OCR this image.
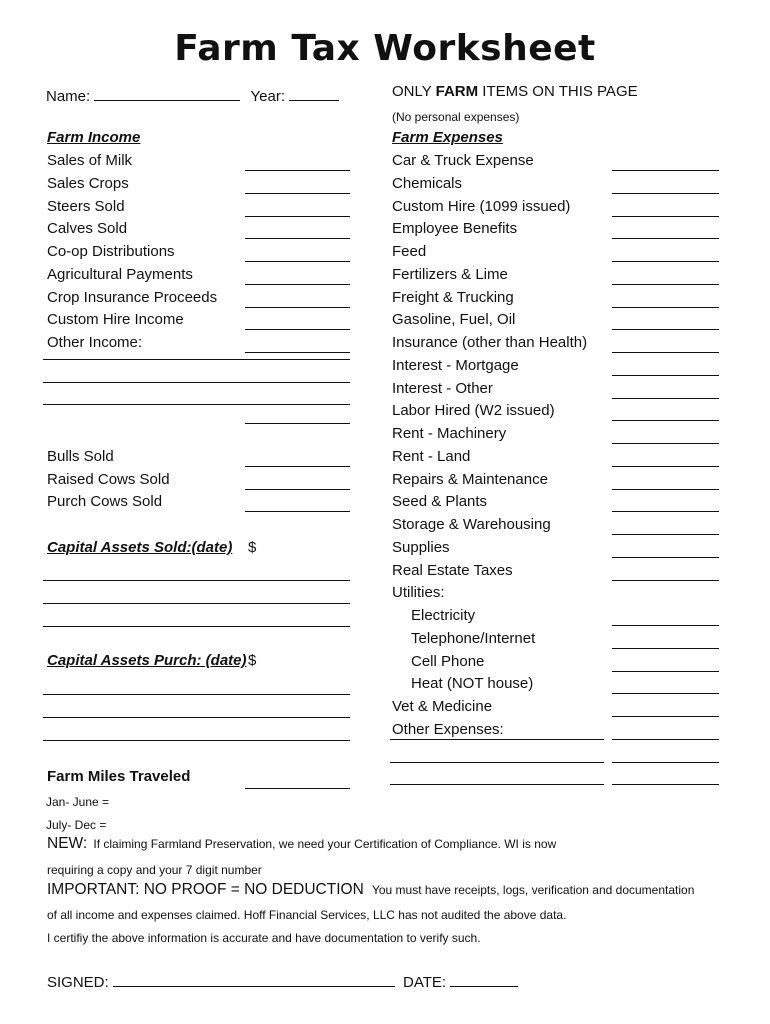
Farm Tax Worksheet
Name:	Year:	ONLY FARM ITEMS ON THIS PAGE
(No personal expenses)
Farm Income
Sales of Milk
Sales Crops
Steers Sold
Calves Sold
Co-op Distributions
Agricultural Payments
Crop Insurance Proceeds
Custom Hire Income
Other Income:
Bulls Sold
Raised Cows Sold
Purch Cows Sold
Capital Assets Sold:(date) $
Capital Assets Purch: (date) $
Farm Miles Traveled
Jan- June =
July- Dec =
Farm Expenses
Car & Truck Expense
Chemicals
Custom Hire (1099 issued)
Employee Benefits
Feed
Fertilizers & Lime
Freight & Trucking
Gasoline, Fuel, Oil
Insurance (other than Health)
Interest - Mortgage
Interest - Other
Labor Hired (W2 issued)
Rent - Machinery
Rent - Land
Repairs & Maintenance
Seed & Plants
Storage & Warehousing
Supplies
Real Estate Taxes
Utilities:
Electricity
Telephone/Internet
Cell Phone
Heat (NOT house)
Vet & Medicine
Other Expenses:
NEW: If claiming Farmland Preservation, we need your Certification of Compliance. WI is now
requiring a copy and your 7 digit number
IMPORTANT: NO PROOF = NO DEDUCTION You must have receipts, logs, verification and documentation
of all income and expenses claimed. Hoff Financial Services, LLC has not audited the above data.
I certifiy the above information is accurate and have documentation to verify such.
SIGNED:	DATE:
